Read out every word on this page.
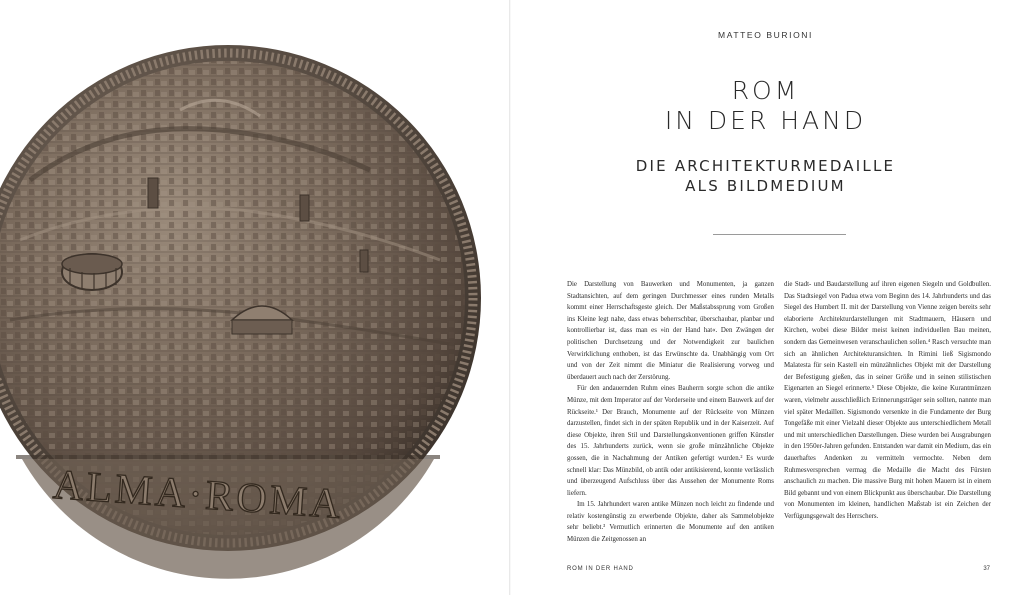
ALMA·ROMA
MATTEO BURIONI
ROM
IN DER HAND
DIE ARCHITEKTURMEDAILLE
ALS BILDMEDIUM

Die Darstellung von Bauwerken und Monumenten, ja ganzen Stadtansichten, auf dem geringen Durchmesser eines runden Metalls kommt einer Herrschaftsgeste gleich. Der Maßstabssprung vom Großen ins Kleine legt nahe, dass etwas beherrschbar, überschaubar, planbar und kontrollierbar ist, dass man es »in der Hand hat«. Den Zwängen der politischen Durchsetzung und der Notwendigkeit zur baulichen Verwirklichung enthoben, ist das Erwünschte da. Unabhängig vom Ort und von der Zeit nimmt die Miniatur die Realisierung vorweg und überdauert auch nach der Zerstörung.

Für den andauernden Ruhm eines Bauherrn sorgte schon die antike Münze, mit dem Imperator auf der Vorderseite und einem Bauwerk auf der Rückseite.¹ Der Brauch, Monumente auf der Rückseite von Münzen darzustellen, findet sich in der späten Republik und in der Kaiserzeit. Auf diese Objekte, ihren Stil und Darstellungskonventionen griffen Künstler des 15. Jahrhunderts zurück, wenn sie große münzähnliche Objekte gossen, die in Nachahmung der Antiken gefertigt wurden.² Es wurde schnell klar: Das Münzbild, ob antik oder antikisierend, konnte verlässlich und überzeugend Aufschluss über das Aussehen der Monumente Roms liefern.

Im 15. Jahrhundert waren antike Münzen noch leicht zu findende und relativ kostengünstig zu erwerbende Objekte, daher als Sammelobjekte sehr beliebt.³ Vermutlich erinnerten die Monumente auf den antiken Münzen die Zeitgenossen an

die Stadt- und Baudarstellung auf ihren eigenen Siegeln und Goldbullen. Das Stadtsiegel von Padua etwa vom Beginn des 14. Jahrhunderts und das Siegel des Humbert II. mit der Darstellung von Vienne zeigen bereits sehr elaborierte Architekturdarstellungen mit Stadtmauern, Häusern und Kirchen, wobei diese Bilder meist keinen individuellen Bau meinen, sondern das Gemeinwesen veranschaulichen sollen.⁴ Rasch versuchte man sich an ähnlichen Architekturansichten. In Rimini ließ Sigismondo Malatesta für sein Kastell ein münzähnliches Objekt mit der Darstellung der Befestigung gießen, das in seiner Größe und in seinen stilistischen Eigenarten an Siegel erinnerte.⁵ Diese Objekte, die keine Kurantmünzen waren, vielmehr ausschließlich Erinnerungsträger sein sollten, nannte man viel später Medaillen. Sigismondo versenkte in die Fundamente der Burg Tongefäße mit einer Vielzahl dieser Objekte aus unterschiedlichem Metall und mit unterschiedlichen Darstellungen. Diese wurden bei Ausgrabungen in den 1950er-Jahren gefunden. Entstanden war damit ein Medium, das ein dauerhaftes Andenken zu vermitteln vermochte. Neben dem Ruhmesversprechen vermag die Medaille die Macht des Fürsten anschaulich zu machen. Die massive Burg mit hohen Mauern ist in einem Bild gebannt und von einem Blickpunkt aus überschaubar. Die Darstellung von Monumenten im kleinen, handlichen Maßstab ist ein Zeichen der Verfügungsgewalt des Herrschers.

ROM IN DER HAND	37
